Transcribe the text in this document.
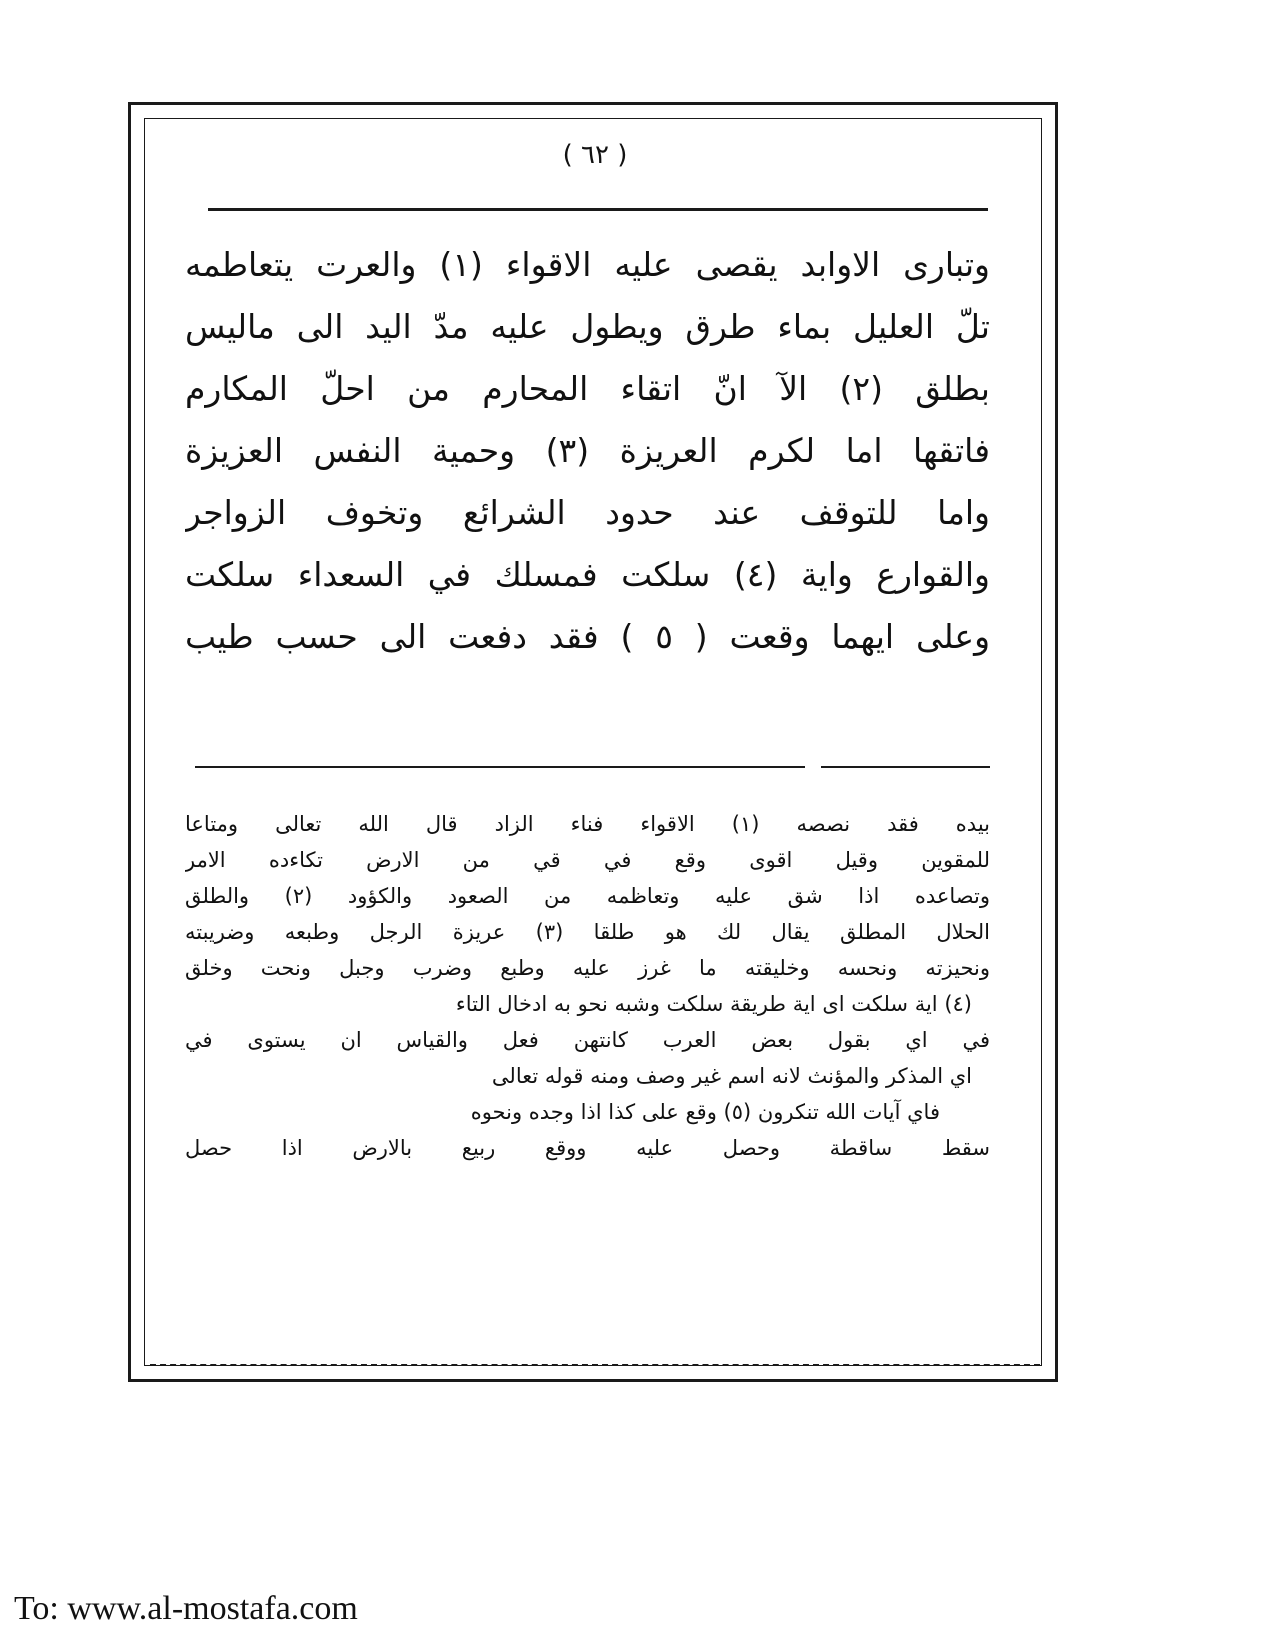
( ٦٢ )
وتبارى الاوابد يقصى عليه الاقواء (١) والعرت يتعاطمه
تلّ العليل بماء طرق ويطول عليه مدّ اليد الى ماليس
بطلق (٢) الآ انّ اتقاء المحارم من احلّ المكارم
فاتقها اما لكرم العريزة (٣) وحمية النفس العزيزة
واما للتوقف عند حدود الشرائع وتخوف الزواجر
والقوارع واية (٤) سلكت فمسلك في السعداء سلكت
وعلى ايهما وقعت ( ٥ ) فقد دفعت الى حسب طيب
بيده فقد نصصه (١) الاقواء فناء الزاد قال الله تعالى ومتاعا
للمقوين وقيل اقوى وقع في قي من الارض تكاءده الامر
وتصاعده اذا شق عليه وتعاظمه من الصعود والكؤود (٢) والطلق
الحلال المطلق يقال لك هو طلقا (٣) عريزة الرجل وطبعه وضريبته
ونحيزته ونحسه وخليقته ما غرز عليه وطبع وضرب وجبل ونحت وخلق
(٤) اية سلكت اى اية طريقة سلكت وشبه نحو به ادخال التاء
في اي بقول بعض العرب كانتهن فعل والقياس ان يستوى في
اي المذكر والمؤنث لانه اسم غير وصف ومنه قوله تعالى
فاي آيات الله تنكرون (٥) وقع على كذا اذا وجده ونحوه
سقط ساقطة وحصل عليه ووقع ربيع بالارض اذا حصل
To: www.al-mostafa.com
